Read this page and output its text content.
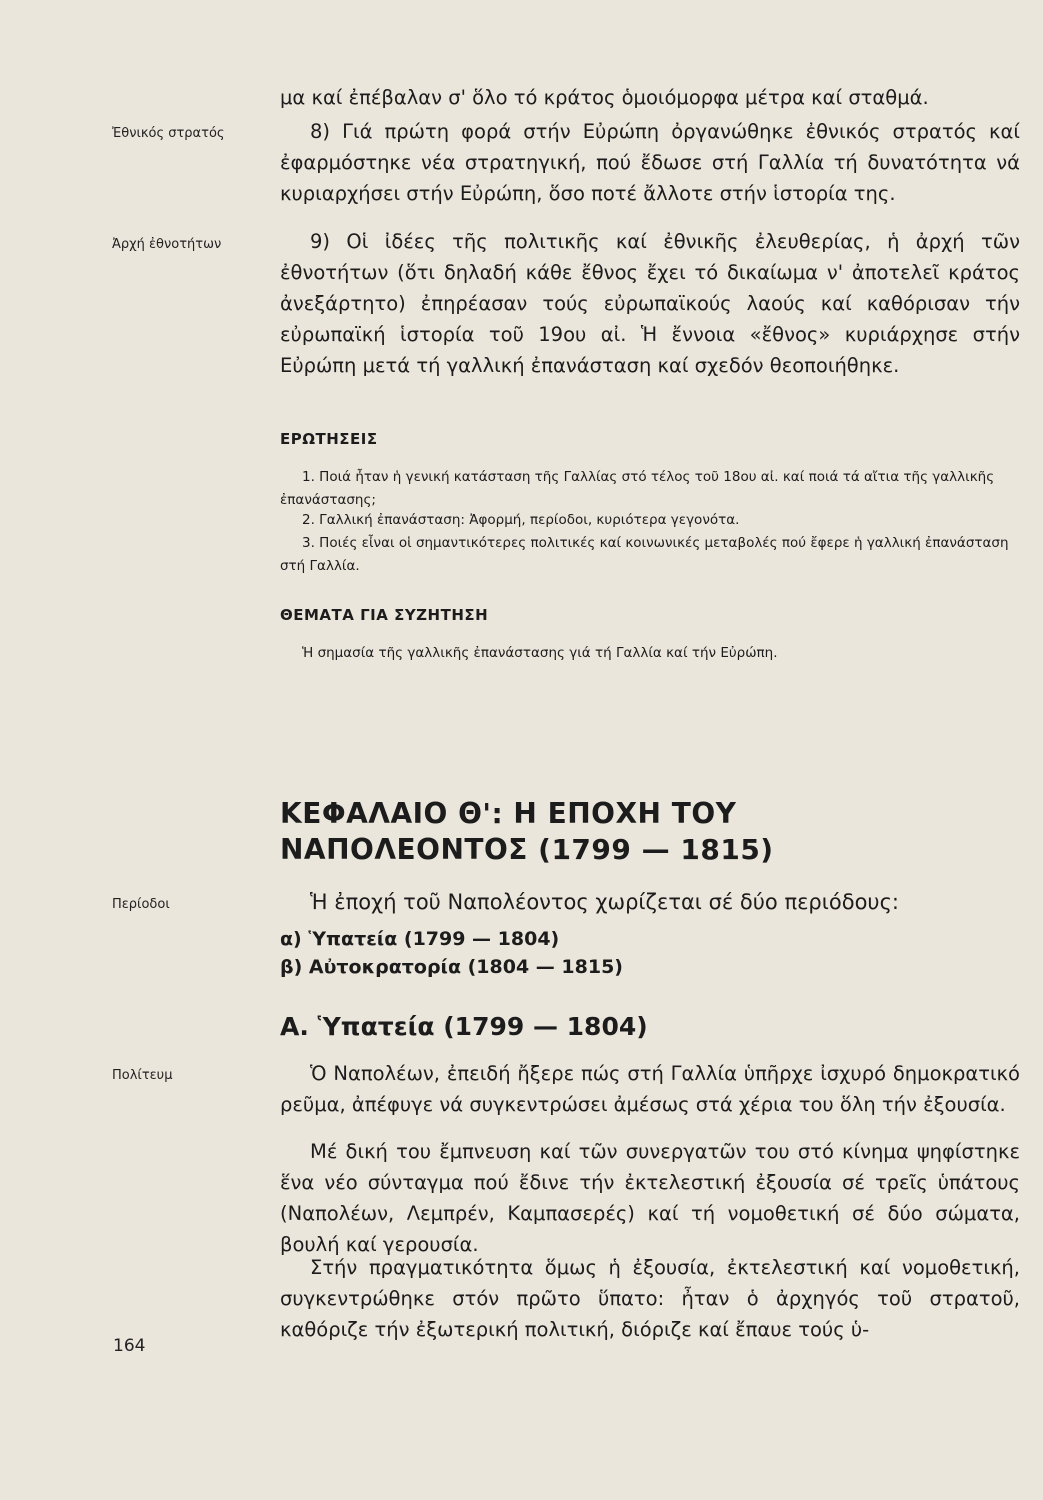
Ἐθνικός στρατός
Ἀρχή ἐθνοτήτων
Περίοδοι
Πολίτευμ
164

μα καί ἐπέβαλαν σ' ὅλο τό κράτος ὁμοιόμορφα μέτρα καί σταθμά.

8) Γιά πρώτη φορά στήν Εὐρώπη ὀργανώθηκε ἐθνικός στρατός καί ἐφαρμόστηκε νέα στρατηγική, πού ἔδωσε στή Γαλλία τή δυνατότητα νά κυριαρχήσει στήν Εὐρώπη, ὅσο ποτέ ἄλλοτε στήν ἱστορία της.

9) Οἱ ἰδέες τῆς πολιτικῆς καί ἐθνικῆς ἐλευθερίας, ἡ ἀρχή τῶν ἐθνοτήτων (ὅτι δηλαδή κάθε ἔθνος ἔχει τό δικαίωμα ν' ἀποτελεῖ κράτος ἀνεξάρτητο) ἐπηρέασαν τούς εὐρωπαϊκούς λαούς καί καθόρισαν τήν εὐρωπαϊκή ἱστορία τοῦ 19ου αἰ. Ἡ ἔννοια «ἔθνος» κυριάρχησε στήν Εὐρώπη μετά τή γαλλική ἐπανάσταση καί σχεδόν θεοποιήθηκε.

ΕΡΩΤΗΣΕΙΣ

1. Ποιά ἦταν ἡ γενική κατάσταση τῆς Γαλλίας στό τέλος τοῦ 18ου αἰ. καί ποιά τά αἴτια τῆς γαλλικῆς ἐπανάστασης;

2. Γαλλική ἐπανάσταση: Ἀφορμή, περίοδοι, κυριότερα γεγονότα.

3. Ποιές εἶναι οἱ σημαντικότερες πολιτικές καί κοινωνικές μεταβολές πού ἔφερε ἡ γαλλική ἐπανάσταση στή Γαλλία.

ΘΕΜΑΤΑ ΓΙΑ ΣΥΖΗΤΗΣΗ

Ἡ σημασία τῆς γαλλικῆς ἐπανάστασης γιά τή Γαλλία καί τήν Εὐρώπη.

ΚΕΦΑΛΑΙΟ Θ': Η ΕΠΟΧΗ ΤΟΥ
ΝΑΠΟΛΕΟΝΤΟΣ (1799 — 1815)

Ἡ ἐποχή τοῦ Ναπολέοντος χωρίζεται σέ δύο περιόδους:

α) Ὑπατεία (1799 — 1804)
β) Αὐτοκρατορία (1804 — 1815)
Α. Ὑπατεία (1799 — 1804)

Ὁ Ναπολέων, ἐπειδή ἤξερε πώς στή Γαλλία ὑπῆρχε ἰσχυρό δημοκρατικό ρεῦμα, ἀπέφυγε νά συγκεντρώσει ἀμέσως στά χέρια του ὅλη τήν ἐξουσία.

Μέ δική του ἔμπνευση καί τῶν συνεργατῶν του στό κίνημα ψηφίστηκε ἕνα νέο σύνταγμα πού ἔδινε τήν ἐκτελεστική ἐξουσία σέ τρεῖς ὑπάτους (Ναπολέων, Λεμπρέν, Καμπασερές) καί τή νομοθετική σέ δύο σώματα, βουλή καί γερουσία.

Στήν πραγματικότητα ὅμως ἡ ἐξουσία, ἐκτελεστική καί νομοθετική, συγκεντρώθηκε στόν πρῶτο ὕπατο: ἦταν ὁ ἀρχηγός τοῦ στρατοῦ, καθόριζε τήν ἐξωτερική πολιτική, διόριζε καί ἔπαυε τούς ὑ-
